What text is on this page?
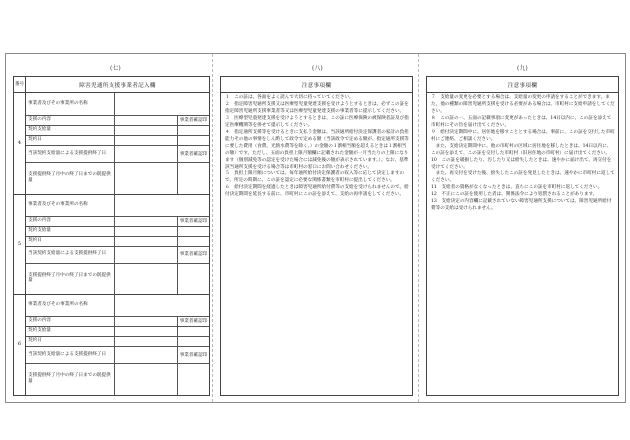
(七)
番号	障害児通所支援事業者記入欄
4
事業者及びその事業所の名称
支援の内容	事業者確認印
契約支給量
契約日
当該契約支給量による支援提供終了日	事業者確認印
支援提供終了月中の終了日までの既提供量
5
事業者及びその事業所の名称
支援の内容	事業者確認印
契約支給量
契約日
当該契約支給量による支援提供終了日	事業者確認印
支援提供終了月中の終了日までの既提供量
6
事業者及びその事業所の名称
支援の内容	事業者確認印
契約支給量
契約日
当該契約支給量による支援提供終了日	事業者確認印
支援提供終了月中の終了日までの既提供量
(八)
注意事項欄

１　この証は、各面をよく読んで大切に持っていてください。

２　指定障害児通所支援又は医療型児童発達支援を受けようとするときは、必ずこの証を指定障害児通所支援事業者等又は医療型児童発達支援の事業者等に提示してください。

３　医療型児童発達支援を受けようとするときは、この証に医療保険の被保険者証及び指定医療機関等を併せて提示してください。

４　指定通所支援等を受けるときに支払う金額は、当該通所給付決定保護者の家計の負担能力その他の事情をしん酌して政令で定める額（当該政令で定める額が、指定通所支援等に要した費用（食費、光熱水費等を除く。）の金額の１割相当額を超えるときは１割相当の額）です。ただし、五面の負担上限月額欄に記載された金額が一月当たりの上限になります（個別減免等の認定を受けた場合には減免後の額が表示されています。）。なお、基準該当通所支援を受ける場合等は市町村の窓口にお問い合わせください。

５　負担上限月額については、毎年通所給付決定保護者の収入等に応じて決定しますので、所定の時期に、この証を認定に必要な関係書類を市町村に提出してください。

６　給付決定期間を経過したときは障害児通所給付費等の支給を受けられませんので、給付決定期間を延長する前に、市町村にこの証を添えて、支給の再申請をしてください。

(九)
注意事項欄

７　支給量の変更を必要とする場合は、支給量の変更の申請をすることができます。また、他の種類の障害児通所支援を受ける必要がある場合は、市町村に支給申請をしてください。

８　この証の一、五面の記載事項に変更があったときは、14日以内に、この証を添えて市町村にその旨を届け出てください。

９　給付決定期間中に、居住地を移すこととする場合は、事前に、この証を交付した市町村にご連絡、ご相談ください。

　また、支給決定期間中に、他の市町村の区域に居住地を移したときは、14日以内に、この証を添えて、この証を交付した市町村（旧居住地の市町村）に届け出てください。

10　この証を破損したり、汚したり又は紛失したときは、速やかに届け出て、再交付を受けてください。

　また、再交付を受けた後、紛失したこの証を発見したときは、速やかに市町村に返してください。

11　支給者の資格がなくなったときは、直ちにこの証を市町村に返してください。

12　不正にこの証を使用した者は、関係法令により処罰されることがあります。

13　支給決定の内容欄に記載されていない障害児通所支援については、障害児通所給付費等の支給は受けられません。
